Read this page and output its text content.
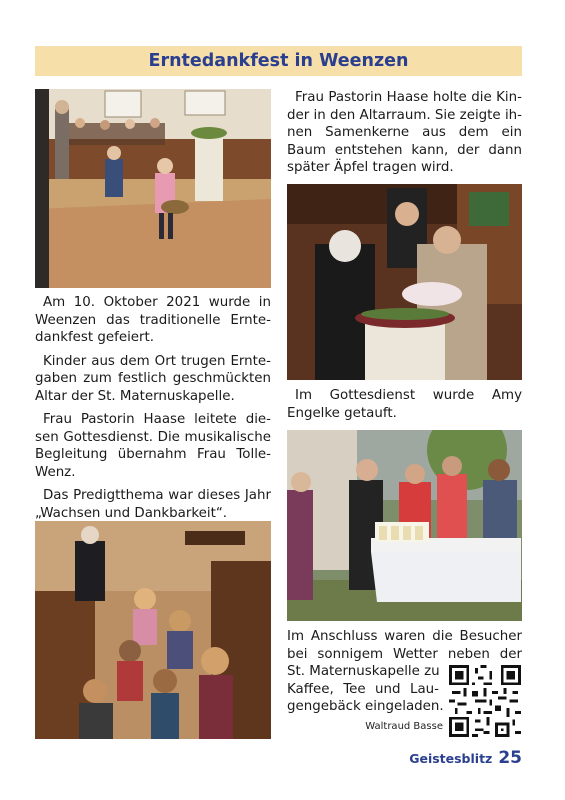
Erntedankfest in Weenzen

Am 10. Oktober 2021 wurde in Weenzen das traditionelle Erntedankfest gefeiert.

Kinder aus dem Ort trugen Erntegaben zum festlich geschmückten Altar der St. Maternuskapelle.

Frau Pastorin Haase leitete diesen Gottesdienst. Die musikalische Begleitung übernahm Frau Tolle-Wenz.

Das Predigtthema war dieses Jahr „Wachsen und Dankbarkeit“.

Frau Pastorin Haase holte die Kinder in den Altarraum. Sie zeigte ihnen Samenkerne aus dem ein Baum entstehen kann, der dann später Äpfel tragen wird.

Im Gottesdienst wurde Amy Engelke getauft.

Im Anschluss waren die Besucher
bei sonnigem Wetter neben der
St. Maternuskapelle zu
Kaffee, Tee und Lau-
gengebäck eingeladen.
Waltraud Basse
Geistesblitz 25
